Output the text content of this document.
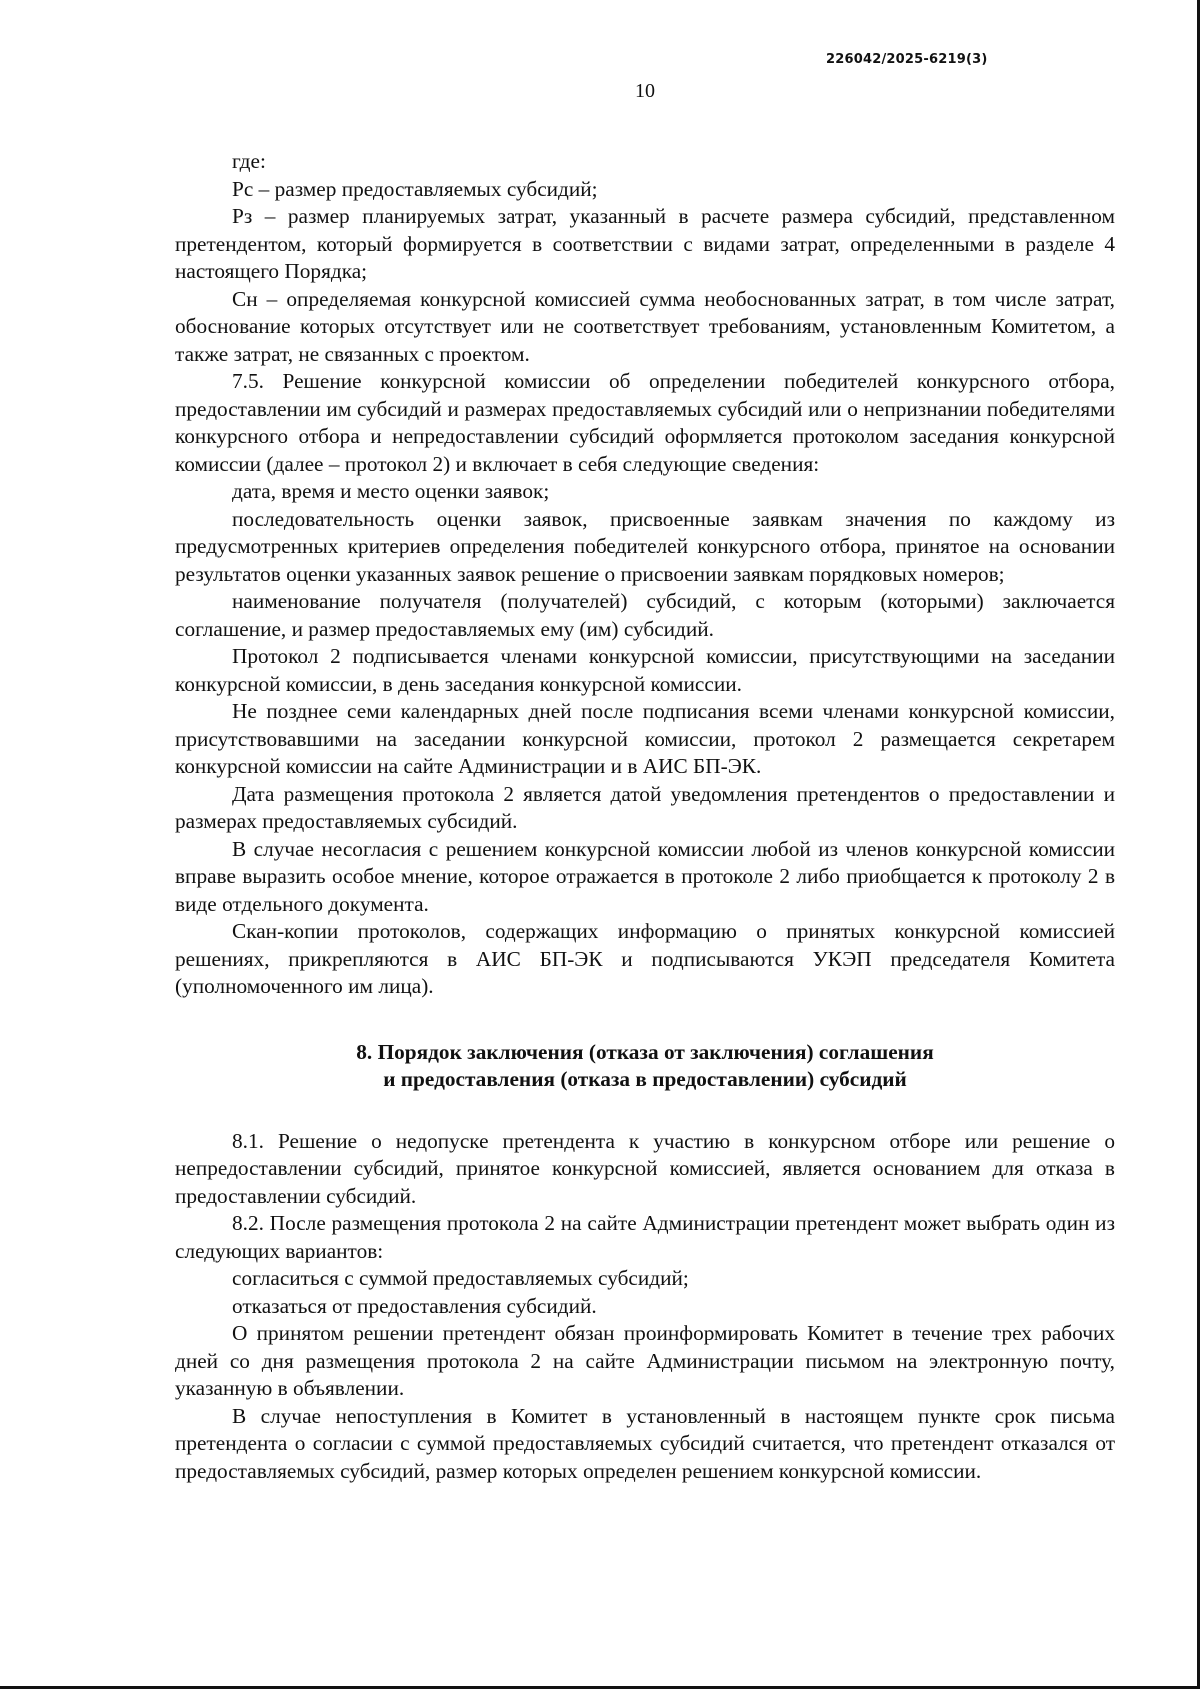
226042/2025-6219(3)
10

где:

Рс – размер предоставляемых субсидий;

Рз – размер планируемых затрат, указанный в расчете размера субсидий, представленном претендентом, который формируется в соответствии с видами затрат, определенными в разделе 4 настоящего Порядка;

Сн – определяемая конкурсной комиссией сумма необоснованных затрат, в том числе затрат, обоснование которых отсутствует или не соответствует требованиям, установленным Комитетом, а также затрат, не связанных с проектом.

7.5. Решение конкурсной комиссии об определении победителей конкурсного отбора, предоставлении им субсидий и размерах предоставляемых субсидий или о непризнании победителями конкурсного отбора и непредоставлении субсидий оформляется протоколом заседания конкурсной комиссии (далее – протокол 2) и включает в себя следующие сведения:

дата, время и место оценки заявок;

последовательность оценки заявок, присвоенные заявкам значения по каждому из предусмотренных критериев определения победителей конкурсного отбора, принятое на основании результатов оценки указанных заявок решение о присвоении заявкам порядковых номеров;

наименование получателя (получателей) субсидий, с которым (которыми) заключается соглашение, и размер предоставляемых ему (им) субсидий.

Протокол 2 подписывается членами конкурсной комиссии, присутствующими на заседании конкурсной комиссии, в день заседания конкурсной комиссии.

Не позднее семи календарных дней после подписания всеми членами конкурсной комиссии, присутствовавшими на заседании конкурсной комиссии, протокол 2 размещается секретарем конкурсной комиссии на сайте Администрации и в АИС БП-ЭК.

Дата размещения протокола 2 является датой уведомления претендентов о предоставлении и размерах предоставляемых субсидий.

В случае несогласия с решением конкурсной комиссии любой из членов конкурсной комиссии вправе выразить особое мнение, которое отражается в протоколе 2 либо приобщается к протоколу 2 в виде отдельного документа.

Скан-копии протоколов, содержащих информацию о принятых конкурсной комиссией решениях, прикрепляются в АИС БП-ЭК и подписываются УКЭП председателя Комитета (уполномоченного им лица).

8. Порядок заключения (отказа от заключения) соглашения
и предоставления (отказа в предоставлении) субсидий

8.1. Решение о недопуске претендента к участию в конкурсном отборе или решение о непредоставлении субсидий, принятое конкурсной комиссией, является основанием для отказа в предоставлении субсидий.

8.2. После размещения протокола 2 на сайте Администрации претендент может выбрать один из следующих вариантов:

согласиться с суммой предоставляемых субсидий;

отказаться от предоставления субсидий.

О принятом решении претендент обязан проинформировать Комитет в течение трех рабочих дней со дня размещения протокола 2 на сайте Администрации письмом на электронную почту, указанную в объявлении.

В случае непоступления в Комитет в установленный в настоящем пункте срок письма претендента о согласии с суммой предоставляемых субсидий считается, что претендент отказался от предоставляемых субсидий, размер которых определен решением конкурсной комиссии.
